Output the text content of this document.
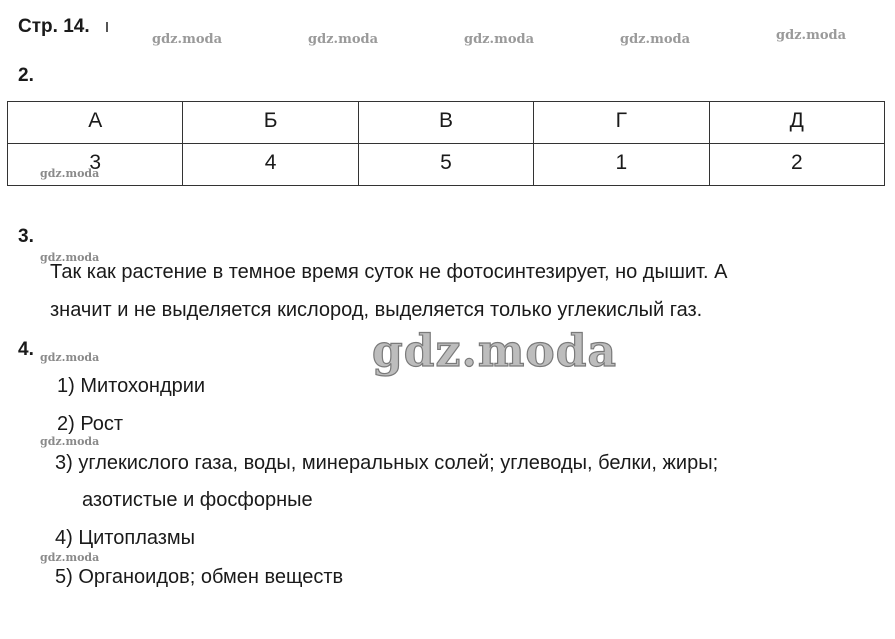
Стр. 14.
gdz.moda	gdz.moda	gdz.moda	gdz.moda	gdz.moda
2.
А	Б	В	Г	Д
3	4	5	1	2
gdz.moda
3.
gdz.moda
Так как растение в темное время суток не фотосинтезирует, но дышит. А
значит и не выделяется кислород, выделяется только углекислый газ.
4. gdz.moda	gdz.moda
1) Митохондрии
2) Рост
gdz.moda
3) углекислого газа, воды, минеральных солей; углеводы, белки, жиры;
азотистые и фосфорные
4) Цитоплазмы
gdz.moda
5) Органоидов; обмен веществ
